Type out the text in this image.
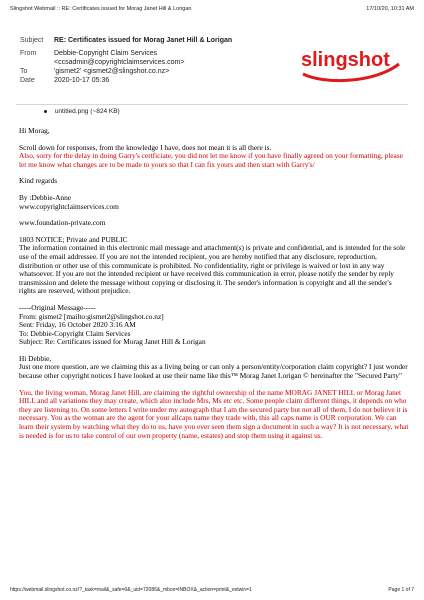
Slingshot Webmail :: RE: Certificates issued for Morag Janet Hill & Lorigan	17/10/20, 10:31 AM
Subject	RE: Certificates issued for Morag Janet Hill & Lorigan
From	Debbie-Copyright Claim Services
<ccsadmin@copyrightclaimservices.com>
To	'gismet2' <gismet2@slingshot.co.nz>
Date	2020-10-17 05:36
slingshot
untitled.png (~824 KB)

Hi Morag,

Scroll down for responses, from the knowledge I have, does not mean it is all there is.
Also, sorry for the delay in doing Garry's certficiate, you did not let me know if you have finally agreed on your formatting, please let me know what changes are to be made to yours so that I can fix yours and then start with Garry's/

Kind regards

By :Debbie-Anne
www.copyrightclaimservices.com

www.foundation-private.com

1803 NOTICE; Private and PUBLIC
The information contained in this electronic mail message and attachment(s) is private and confidential, and is intended for the sole use of the email addressee. If you are not the intended recipient, you are hereby notified that any disclosure, reproduction, distribution or other use of this communicate is prohibited. No confidentiality, right or privilege is waived or lost in any way whatsoever. If you are not the intended recipient or have received this communication in error, please notify the sender by reply transmission and delete the message without copying or disclosing it. The sender's information is copyright and all the sender's rights are reserved, without prejudice.

-----Original Message-----
From: gismet2 [mailto:gismet2@slingshot.co.nz]
Sent: Friday, 16 October 2020 3:16 AM
To: Debbie-Copyright Claim Services
Subject: Re: Certificates issued for Morag Janet Hill & Lorigan

Hi Debbie,
Just one more question, are we claiming this as a living being or can only a person/entity/corporation claim copyright? I just wonder because other copyright notices I have looked at use their name like this™ Morag Janet Lorigan © hereinafter the "Secured Party"

You, the living woman, Morag Janet Hill, are claiming the rightful ownership of the name MORAG JANET HILL or Morag Janet HILL and all variations they may create, which also include Mrs, Ms etc etc. Some people claim different things, it depends on who they are listening to. On some letters I write under my autograph that I am the secured party but not all of them, I do not believe it is necessary. You as the woman are the agent for your allcaps name they trade with, this all caps name is OUR corporation. We can learn their system by watching what they do to us, have you ever seen them sign a document in such a way? It is not necessary, what is needed is for us to take control of our own property (name, estates) and stop them using it against us.

https://webmail.slingshot.co.nz/?_task=mail&_safe=0&_uid=72086&_mbox=INBOX&_action=print&_extwin=1	Page 1 of 7
